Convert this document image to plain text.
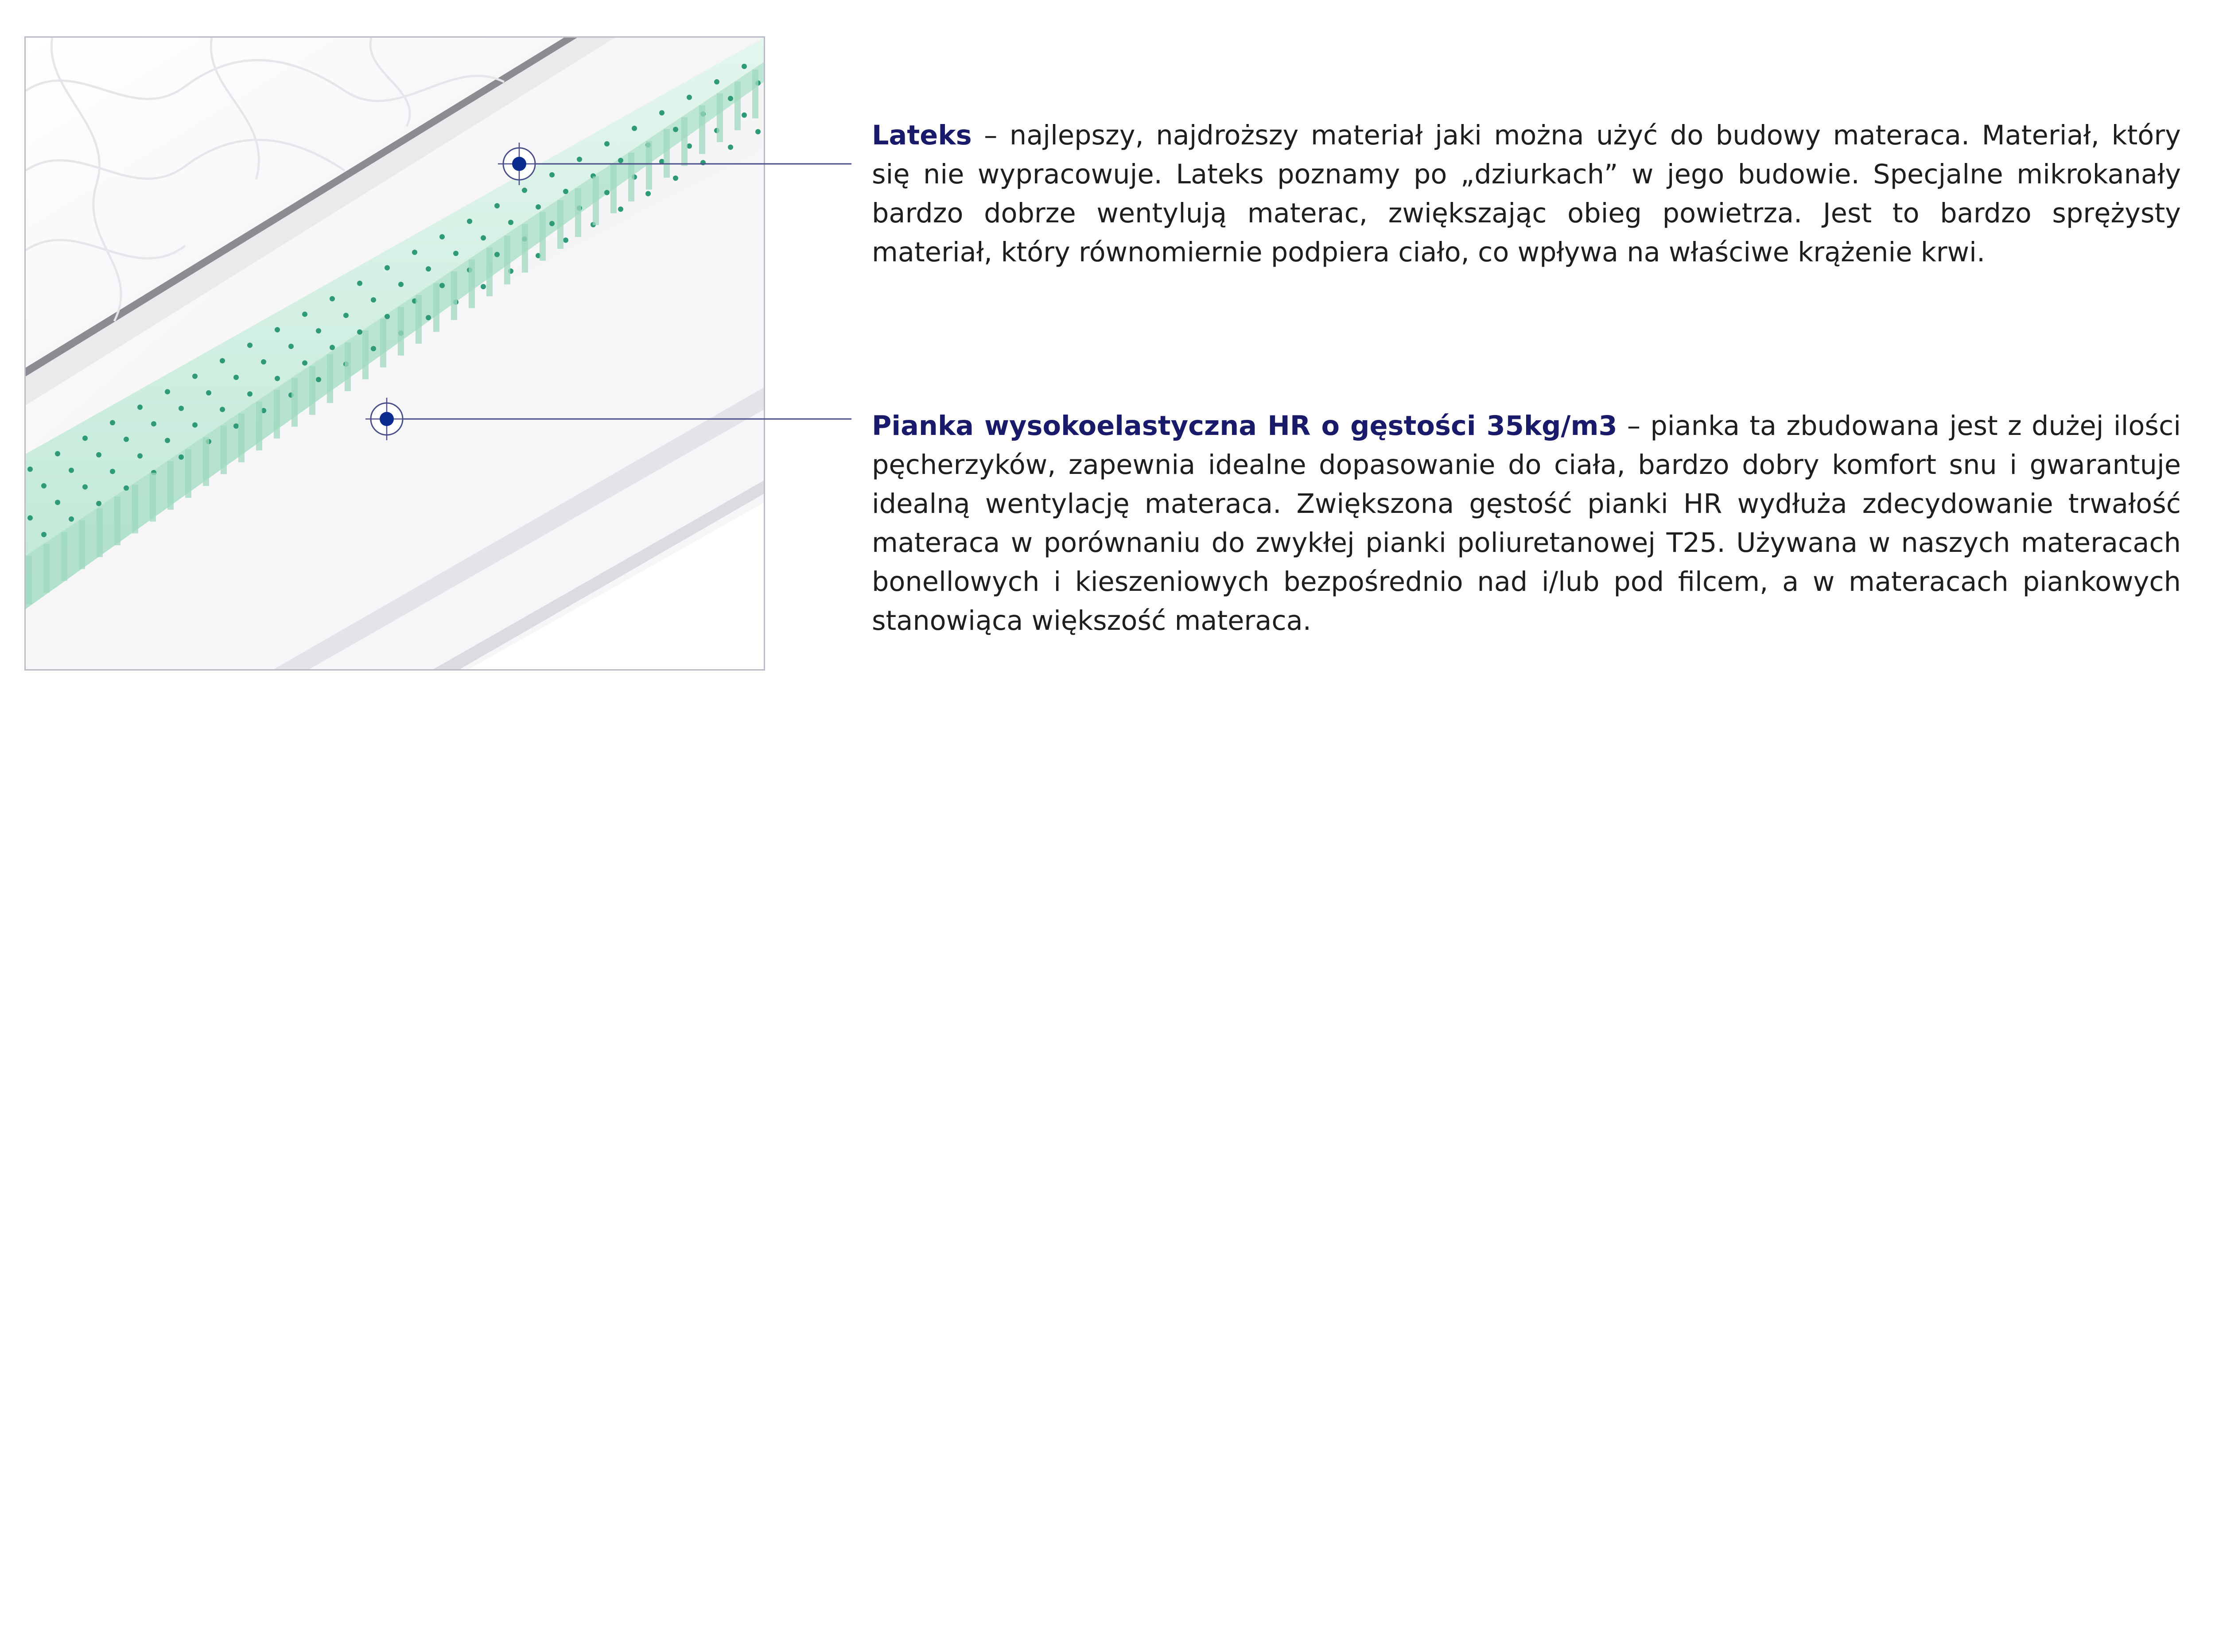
Lateks – najlepszy, najdroższy materiał jaki można użyć do budowy materaca. Materiał, który się nie wypracowuje. Lateks poznamy po „dziurkach” w jego budowie. Specjalne mikrokanały bardzo dobrze wentylują materac, zwiększając obieg powietrza. Jest to bardzo sprężysty materiał, który równomiernie podpiera ciało, co wpływa na właściwe krążenie krwi.

Pianka wysokoelastyczna HR o gęstości 35kg/m3 – pianka ta zbudowana jest z dużej ilości pęcherzyków, zapewnia idealne dopasowanie do ciała, bardzo dobry komfort snu i gwarantuje idealną wentylację materaca. Zwiększona gęstość pianki HR wydłuża zdecydowanie trwałość materaca w porównaniu do zwykłej pianki poliuretanowej T25. Używana w naszych materacach bonellowych i kieszeniowych bezpośrednio nad i/lub pod filcem, a w materacach piankowych stanowiąca większość materaca.
